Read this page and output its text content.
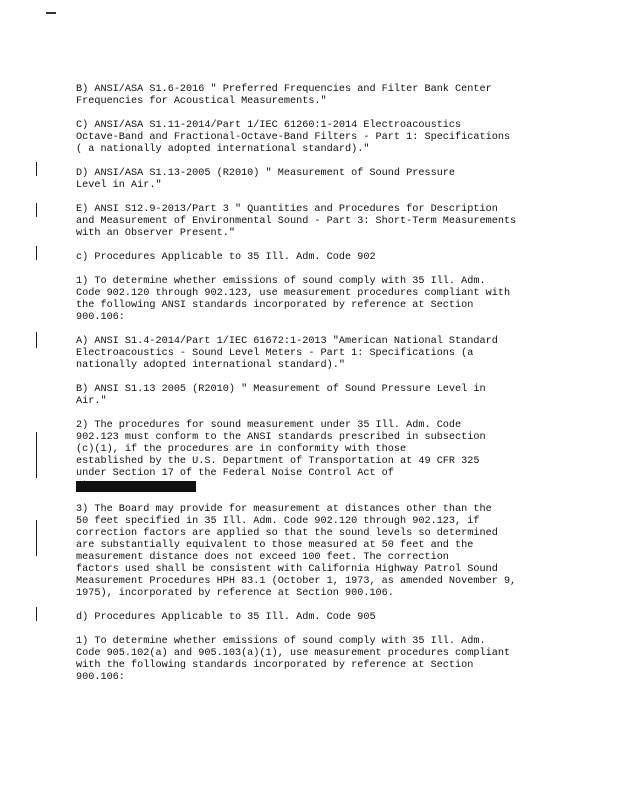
B) ANSI/ASA S1.6-2016 " Preferred Frequencies and Filter Bank Center

Frequencies for Acoustical Measurements."

C) ANSI/ASA S1.11-2014/Part 1/IEC 61260:1-2014 Electroacoustics

Octave-Band and Fractional-Octave-Band Filters - Part 1: Specifications

( a nationally adopted international standard)."

D) ANSI/ASA S1.13-2005 (R2010) " Measurement of Sound Pressure

Level in Air."

E) ANSI S12.9-2013/Part 3 " Quantities and Procedures for Description

and Measurement of Environmental Sound - Part 3: Short-Term Measurements

with an Observer Present."

c) Procedures Applicable to 35 Ill. Adm. Code 902

1) To determine whether emissions of sound comply with 35 Ill. Adm.

Code 902.120 through 902.123, use measurement procedures compliant with

the following ANSI standards incorporated by reference at Section

900.106:

A) ANSI S1.4-2014/Part 1/IEC 61672:1-2013 "American National Standard

Electroacoustics - Sound Level Meters - Part 1: Specifications (a

nationally adopted international standard)."

B) ANSI S1.13 2005 (R2010) " Measurement of Sound Pressure Level in

Air."

2) The procedures for sound measurement under 35 Ill. Adm. Code

902.123 must conform to the ANSI standards prescribed in subsection

(c)(1), if the procedures are in conformity with those

established by the U.S. Department of Transportation at 49 CFR 325

under Section 17 of the Federal Noise Control Act of

3) The Board may provide for measurement at distances other than the

50 feet specified in 35 Ill. Adm. Code 902.120 through 902.123, if

correction factors are applied so that the sound levels so determined

are substantially equivalent to those measured at 50 feet and the

measurement distance does not exceed 100 feet. The correction

factors used shall be consistent with California Highway Patrol Sound

Measurement Procedures HPH 83.1 (October 1, 1973, as amended November 9,

1975), incorporated by reference at Section 900.106.

d) Procedures Applicable to 35 Ill. Adm. Code 905

1) To determine whether emissions of sound comply with 35 Ill. Adm.

Code 905.102(a) and 905.103(a)(1), use measurement procedures compliant

with the following standards incorporated by reference at Section

900.106:
